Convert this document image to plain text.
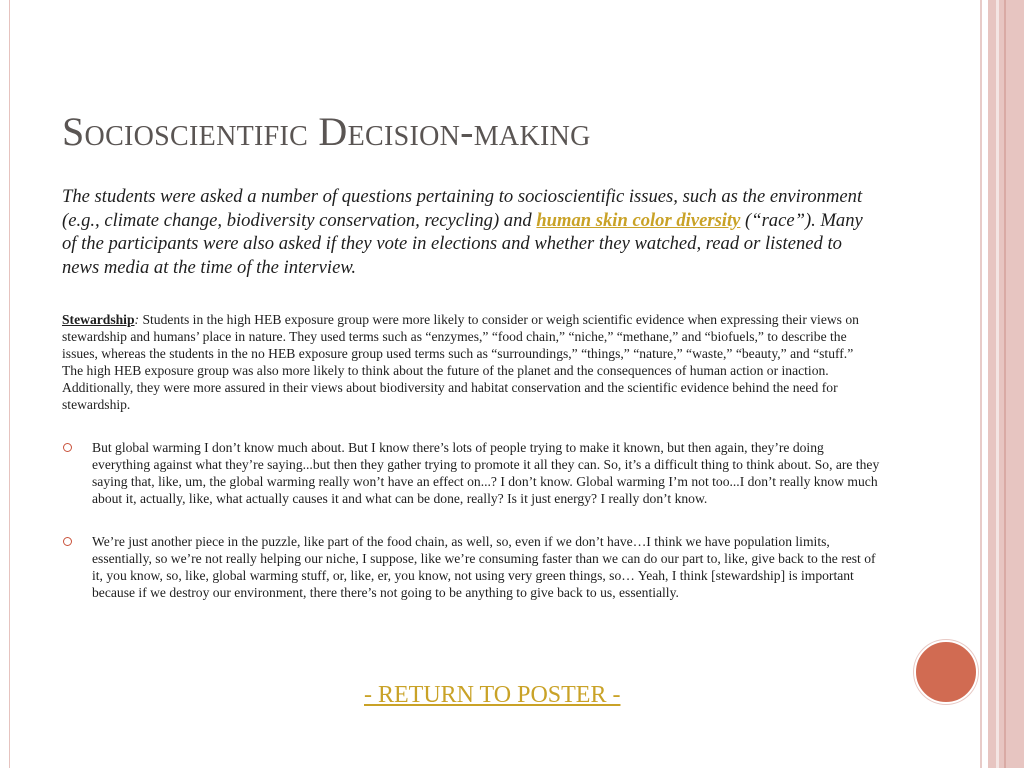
Socioscientific Decision-making

The students were asked a number of questions pertaining to socioscientific issues, such as the environment (e.g., climate change, biodiversity conservation, recycling) and human skin color diversity (“race”). Many of the participants were also asked if they vote in elections and whether they watched, read or listened to news media at the time of the interview.

Stewardship: Students in the high HEB exposure group were more likely to consider or weigh scientific evidence when expressing their views on stewardship and humans’ place in nature. They used terms such as “enzymes,” “food chain,” “niche,” “methane,” and “biofuels,” to describe the issues, whereas the students in the no HEB exposure group used terms such as “surroundings,” “things,” “nature,” “waste,” “beauty,” and “stuff.” The high HEB exposure group was also more likely to think about the future of the planet and the consequences of human action or inaction. Additionally, they were more assured in their views about biodiversity and habitat conservation and the scientific evidence behind the need for stewardship.

But global warming I don’t know much about. But I know there’s lots of people trying to make it known, but then again, they’re doing everything against what they’re saying...but then they gather trying to promote it all they can. So, it’s a difficult thing to think about. So, are they saying that, like, um, the global warming really won’t have an effect on...? I don’t know. Global warming I’m not too...I don’t really know much about it, actually, like, what actually causes it and what can be done, really? Is it just energy? I really don’t know.

We’re just another piece in the puzzle, like part of the food chain, as well, so, even if we don’t have…I think we have population limits, essentially, so we’re not really helping our niche, I suppose, like we’re consuming faster than we can do our part to, like, give back to the rest of it, you know, so, like, global warming stuff, or, like, er, you know, not using very green things, so… Yeah, I think [stewardship] is important because if we destroy our environment, there there’s not going to be anything to give back to us, essentially.

- RETURN TO POSTER -
